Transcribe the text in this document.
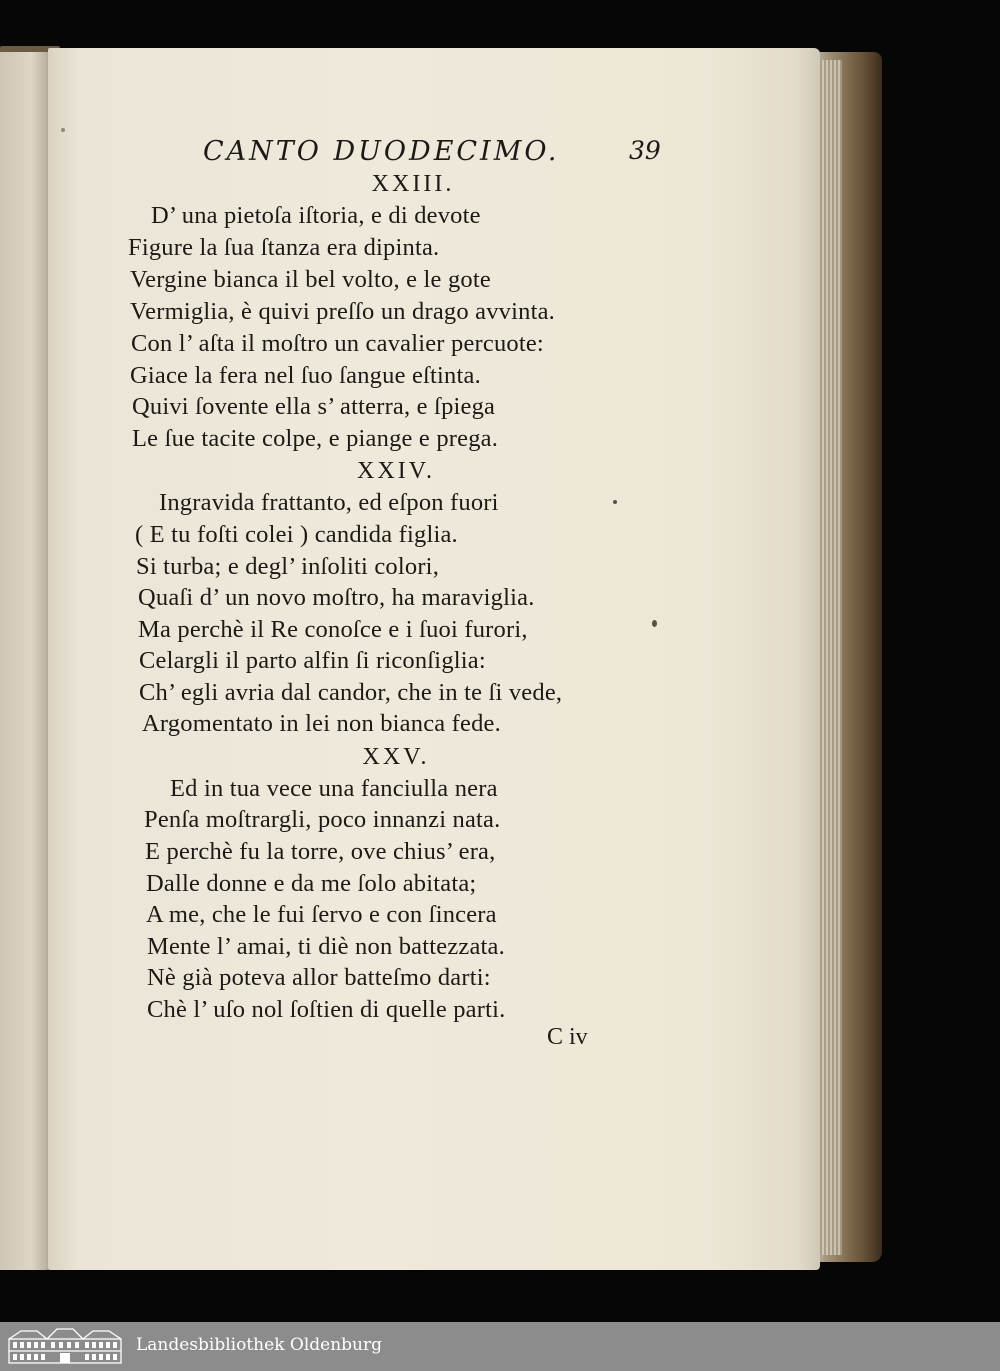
CANTO DUODECIMO.	39
XXIII.
D’ una pietoſa iſtoria, e di devote
Figure la ſua ſtanza era dipinta.
Vergine bianca il bel volto, e le gote
Vermiglia, è quivi preſſo un drago avvinta.
Con l’ aſta il moſtro un cavalier percuote:
Giace la fera nel ſuo ſangue eſtinta.
Quivi ſovente ella s’ atterra, e ſpiega
Le ſue tacite colpe, e piange e prega.
XXIV.
Ingravida frattanto, ed eſpon fuori
( E tu foſti colei ) candida figlia.
Si turba; e degl’ inſoliti colori,
Quaſi d’ un novo moſtro, ha maraviglia.
Ma perchè il Re conoſce e i ſuoi furori,
Celargli il parto alfin ſi riconſiglia:
Ch’ egli avria dal candor, che in te ſi vede,
Argomentato in lei non bianca fede.
XXV.
Ed in tua vece una fanciulla nera
Penſa moſtrargli, poco innanzi nata.
E perchè fu la torre, ove chius’ era,
Dalle donne e da me ſolo abitata;
A me, che le fui ſervo e con ſincera
Mente l’ amai, ti diè non battezzata.
Nè già poteva allor batteſmo darti:
Chè l’ uſo nol ſoſtien di quelle parti.
C iv
Landesbibliothek Oldenburg
